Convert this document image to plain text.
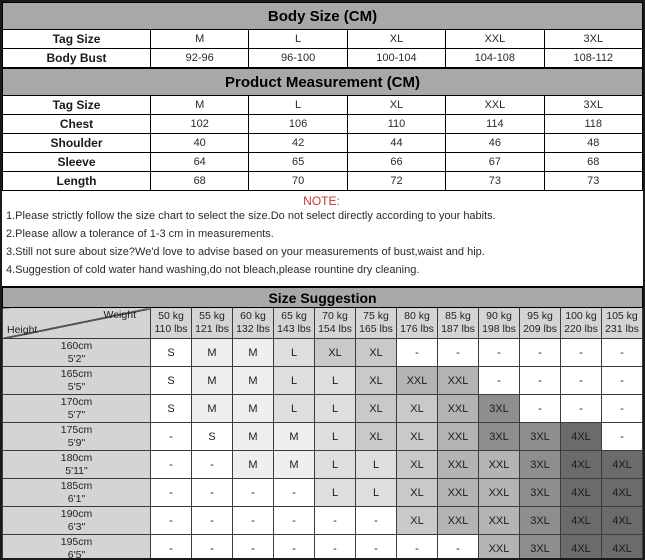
Body Size (CM)					
Tag Size	M	L	XL	XXL	3XL
Body Bust	92-96	96-100	100-104	104-108	108-112
Product Measurement (CM)					
Tag Size	M	L	XL	XXL	3XL
Chest	102	106	110	114	118
Shoulder	40	42	44	46	48
Sleeve	64	65	66	67	68
Length	68	70	72	73	73
NOTE:

1.Please strictly follow the size chart to select the size.Do not select directly according to your habits.

2.Please allow a tolerance of 1-3 cm in measurements.

3.Still not sure about size?We'd love to advise based on your measurements of bust,waist and hip.

4.Suggestion of cold water hand washing,do not bleach,please rountine dry cleaning.

Size Suggestion												

Weight
Height

50 kg
110 lbs

55 kg
121 lbs

60 kg
132 lbs

65 kg
143 lbs

70 kg
154 lbs

75 kg
165 lbs

80 kg
176 lbs

85 kg
187 lbs

90 kg
198 lbs

95 kg
209 lbs

100 kg
220 lbs

105 kg
231 lbs

160cm
5'2"	S	M	M	L	XL	XL	-	-	-	-	-	-

165cm
5'5"	S	M	M	L	L	XL	XXL	XXL	-	-	-	-

170cm
5'7"	S	M	M	L	L	XL	XL	XXL	3XL	-	-	-

175cm
5'9"	-	S	M	M	L	XL	XL	XXL	3XL	3XL	4XL	-

180cm
5'11"	-	-	M	M	L	L	XL	XXL	XXL	3XL	4XL	4XL

185cm
6'1"	-	-	-	-	L	L	XL	XXL	XXL	3XL	4XL	4XL

190cm
6'3"	-	-	-	-	-	-	XL	XXL	XXL	3XL	4XL	4XL

195cm
6'5"	-	-	-	-	-	-	-	-	XXL	3XL	4XL	4XL
